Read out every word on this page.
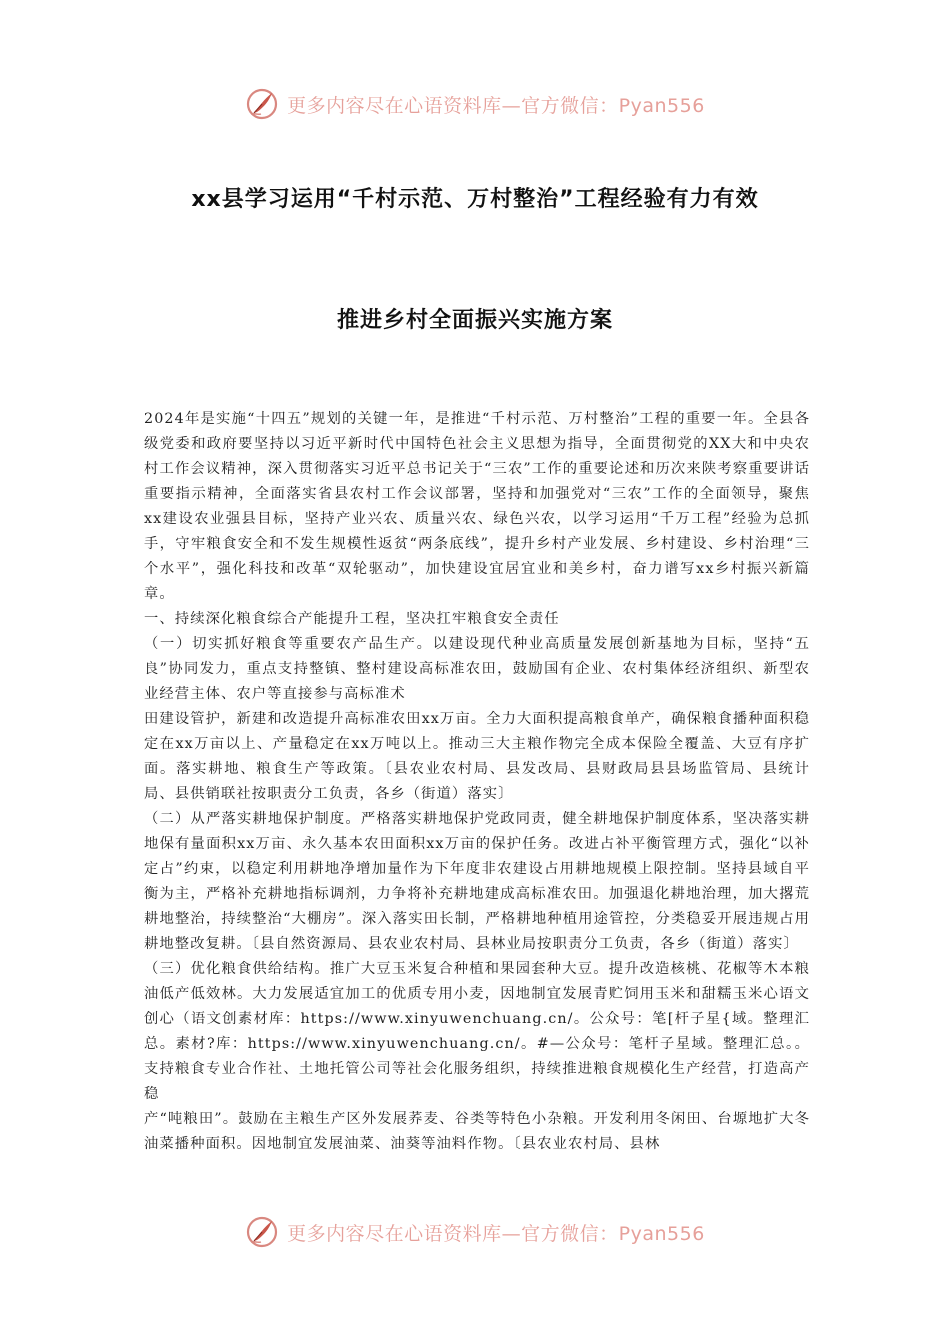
更多内容尽在心语资料库—官方微信：Pyan556
xx县学习运用“千村示范、万村整治”工程经验有力有效
推进乡村全面振兴实施方案

2024年是实施“十四五”规划的关键一年，是推进“千村示范、万村整治”工程的重要一年。全县各级党委和政府要坚持以习近平新时代中国特色社会主义思想为指导，全面贯彻党的XX大和中央农村工作会议精神，深入贯彻落实习近平总书记关于“三农”工作的重要论述和历次来陕考察重要讲话重要指示精神，全面落实省县农村工作会议部署，坚持和加强党对“三农”工作的全面领导，聚焦xx建设农业强县目标，坚持产业兴农、质量兴农、绿色兴农，以学习运用“千万工程”经验为总抓手，守牢粮食安全和不发生规模性返贫“两条底线”，提升乡村产业发展、乡村建设、乡村治理“三个水平”，强化科技和改革“双轮驱动”，加快建设宜居宜业和美乡村，奋力谱写xx乡村振兴新篇章。

一、持续深化粮食综合产能提升工程，坚决扛牢粮食安全责任

（一）切实抓好粮食等重要农产品生产。以建设现代种业高质量发展创新基地为目标，坚持“五良”协同发力，重点支持整镇、整村建设高标准农田，鼓励国有企业、农村集体经济组织、新型农业经营主体、农户等直接参与高标准术

田建设管护，新建和改造提升高标准农田xx万亩。全力大面积提高粮食单产，确保粮食播种面积稳定在xx万亩以上、产量稳定在xx万吨以上。推动三大主粮作物完全成本保险全覆盖、大豆有序扩面。落实耕地、粮食生产等政策。〔县农业农村局、县发改局、县财政局县县场监管局、县统计局、县供销联社按职责分工负责，各乡（街道）落实〕

（二）从严落实耕地保护制度。严格落实耕地保护党政同责，健全耕地保护制度体系，坚决落实耕地保有量面积xx万亩、永久基本农田面积xx万亩的保护任务。改进占补平衡管理方式，强化“以补定占”约束，以稳定利用耕地净增加量作为下年度非农建设占用耕地规模上限控制。坚持县域自平衡为主，严格补充耕地指标调剂，力争将补充耕地建成高标准农田。加强退化耕地治理，加大撂荒耕地整治，持续整治“大棚房”。深入落实田长制，严格耕地种植用途管控，分类稳妥开展违规占用耕地整改复耕。〔县自然资源局、县农业农村局、县林业局按职责分工负责，各乡（街道）落实〕

（三）优化粮食供给结构。推广大豆玉米复合种植和果园套种大豆。提升改造核桃、花椒等木本粮油低产低效林。大力发展适宜加工的优质专用小麦，因地制宜发展青贮饲用玉米和甜糯玉米心语文创心（语文创素材库：https://www.xinyuwenchuang.cn/。公众号：笔[杆子星{域。整理汇总。素材?库：https://www.xinyuwenchuang.cn/。#—公众号：笔杆子星域。整理汇总。。支持粮食专业合作社、土地托管公司等社会化服务组织，持续推进粮食规模化生产经营，打造高产稳

产“吨粮田”。鼓励在主粮生产区外发展荞麦、谷类等特色小杂粮。开发利用冬闲田、台塬地扩大冬油菜播种面积。因地制宜发展油菜、油葵等油料作物。〔县农业农村局、县林

更多内容尽在心语资料库—官方微信：Pyan556
